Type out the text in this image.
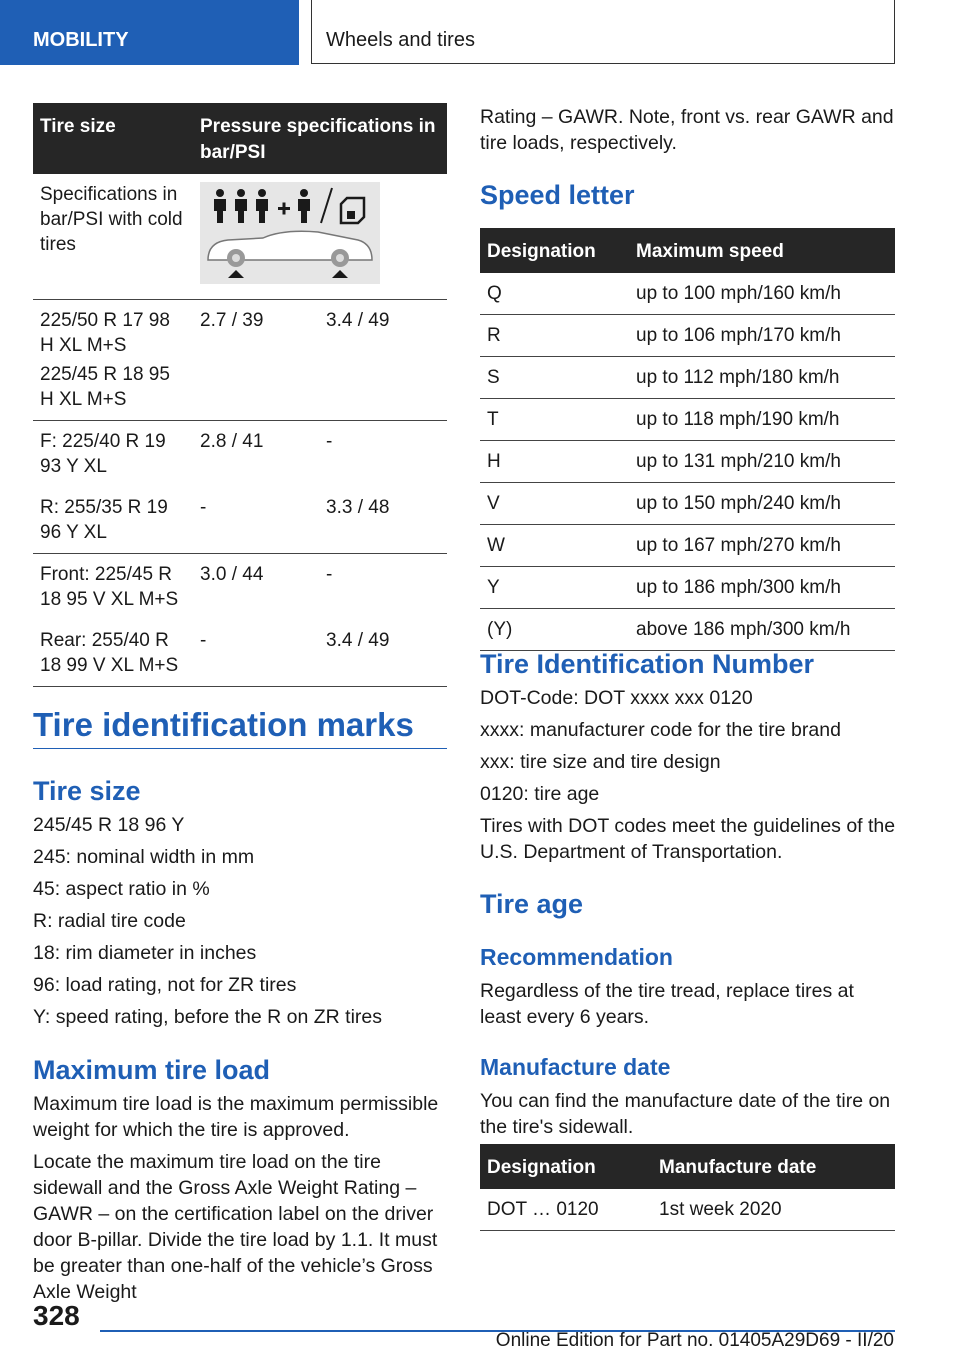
MOBILITY	Wheels and tires
Tire size	Pressure specifications in bar/PSI	
Specifications in bar/PSI with cold tires	
225/50 R 17 98 H XL M+S	2.7 / 39	3.4 / 49
225/45 R 18 95 H XL M+S		
F: 225/40 R 19 93 Y XL	2.8 / 41	-
R: 255/35 R 19 96 Y XL	-	3.3 / 48
Front: 225/45 R 18 95 V XL M+S	3.0 / 44	-
Rear: 255/40 R 18 99 V XL M+S	-	3.4 / 49
Tire identification marks
Tire size
245/45 R 18 96 Y
245: nominal width in mm
45: aspect ratio in %
R: radial tire code
18: rim diameter in inches
96: load rating, not for ZR tires
Y: speed rating, before the R on ZR tires
Maximum tire load
Maximum tire load is the maximum permissible weight for which the tire is approved.
Locate the maximum tire load on the tire sidewall and the Gross Axle Weight Rating – GAWR – on the certification label on the driver door B-pillar. Divide the tire load by 1.1. It must be greater than one-half of the vehicle’s Gross Axle Weight
Rating – GAWR. Note, front vs. rear GAWR and tire loads, respectively.
Speed letter
Designation	Maximum speed
Q	up to 100 mph/160 km/h
R	up to 106 mph/170 km/h
S	up to 112 mph/180 km/h
T	up to 118 mph/190 km/h
H	up to 131 mph/210 km/h
V	up to 150 mph/240 km/h
W	up to 167 mph/270 km/h
Y	up to 186 mph/300 km/h
(Y)	above 186 mph/300 km/h
Tire Identification Number
DOT-Code: DOT xxxx xxx 0120
xxxx: manufacturer code for the tire brand
xxx: tire size and tire design
0120: tire age
Tires with DOT codes meet the guidelines of the U.S. Department of Transportation.
Tire age
Recommendation
Regardless of the tire tread, replace tires at least every 6 years.
Manufacture date
You can find the manufacture date of the tire on the tire's sidewall.
Designation	Manufacture date
DOT … 0120	1st week 2020
328
Online Edition for Part no. 01405A29D69 - II/20
